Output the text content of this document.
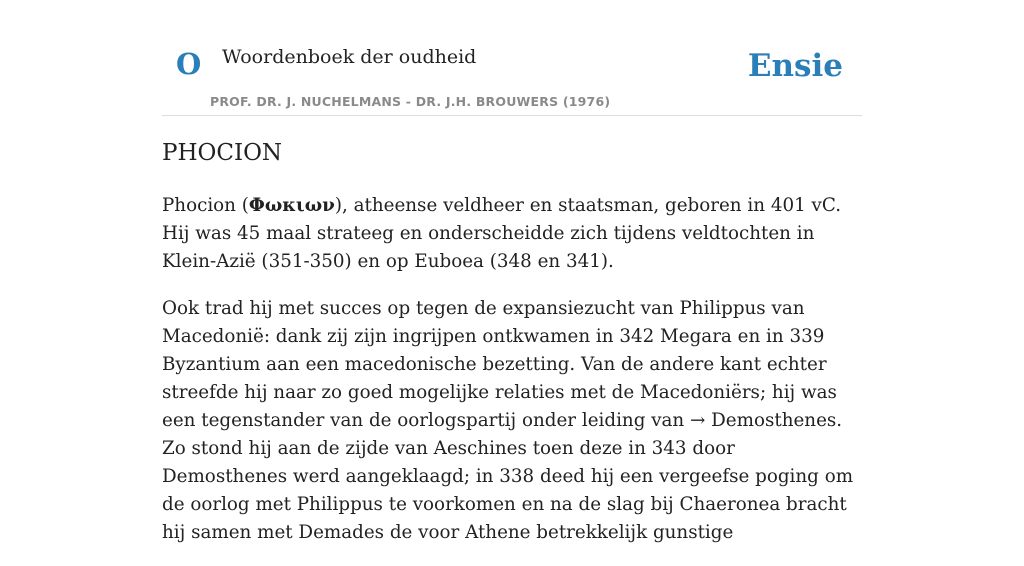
O Woordenboek der oudheid
PROF. DR. J. NUCHELMANS - DR. J.H. BROUWERS (1976)
Ensie
PHOCION

Phocion (Φωκιων), atheense veldheer en staatsman, geboren in 401 vC. Hij was 45 maal strateeg en onderscheidde zich tijdens veldtochten in Klein-Azië (351-350) en op Euboea (348 en 341).

Ook trad hij met succes op tegen de expansiezucht van Philippus van Macedonië: dank zij zijn ingrijpen ontkwamen in 342 Megara en in 339 Byzantium aan een macedonische bezetting. Van de andere kant echter streefde hij naar zo goed mogelijke relaties met de Macedoniërs; hij was een tegenstander van de oorlogspartij onder leiding van → Demosthenes. Zo stond hij aan de zijde van Aeschines toen deze in 343 door Demosthenes werd aangeklaagd; in 338 deed hij een vergeefse poging om de oorlog met Philippus te voorkomen en na de slag bij Chaeronea bracht hij samen met Demades de voor Athene betrekkelijk gunstige
